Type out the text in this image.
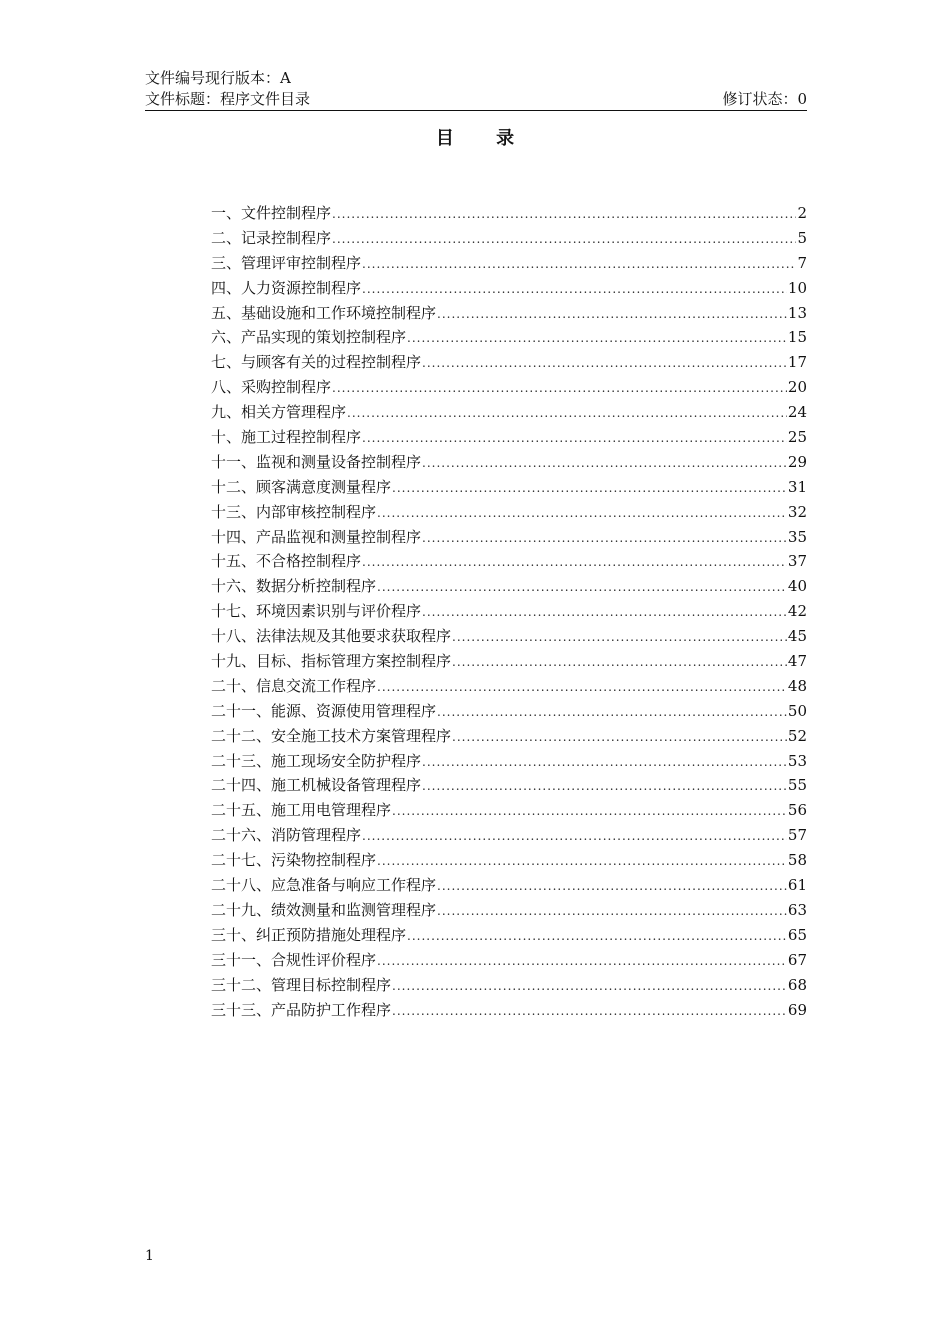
文件编号现行版本：A
文件标题：程序文件目录	修订状态：0
目 录
一、文件控制程序 .....	2
二、记录控制程序 .....	5
三、管理评审控制程序 .....	7
四、人力资源控制程序 .....	10
五、基础设施和工作环境控制程序 .....	13
六、产品实现的策划控制程序 .....	15
七、与顾客有关的过程控制程序 .....	17
八、采购控制程序 .....	20
九、相关方管理程序 .....	24
十、施工过程控制程序 .....	25
十一、监视和测量设备控制程序 .....	29
十二、顾客满意度测量程序 .....	31
十三、内部审核控制程序 .....	32
十四、产品监视和测量控制程序 .....	35
十五、不合格控制程序 .....	37
十六、数据分析控制程序 .....	40
十七、环境因素识别与评价程序 .....	42
十八、法律法规及其他要求获取程序 .....	45
十九、目标、指标管理方案控制程序 .....	47
二十、信息交流工作程序 .....	48
二十一、能源、资源使用管理程序 .....	50
二十二、安全施工技术方案管理程序 .....	52
二十三、施工现场安全防护程序 .....	53
二十四、施工机械设备管理程序 .....	55
二十五、施工用电管理程序 .....	56
二十六、消防管理程序 .....	57
二十七、污染物控制程序 .....	58
二十八、应急准备与响应工作程序 .....	61
二十九、绩效测量和监测管理程序 .....	63
三十、纠正预防措施处理程序 .....	65
三十一、合规性评价程序 .....	67
三十二、管理目标控制程序 .....	68
三十三、产品防护工作程序 .....	69
1
